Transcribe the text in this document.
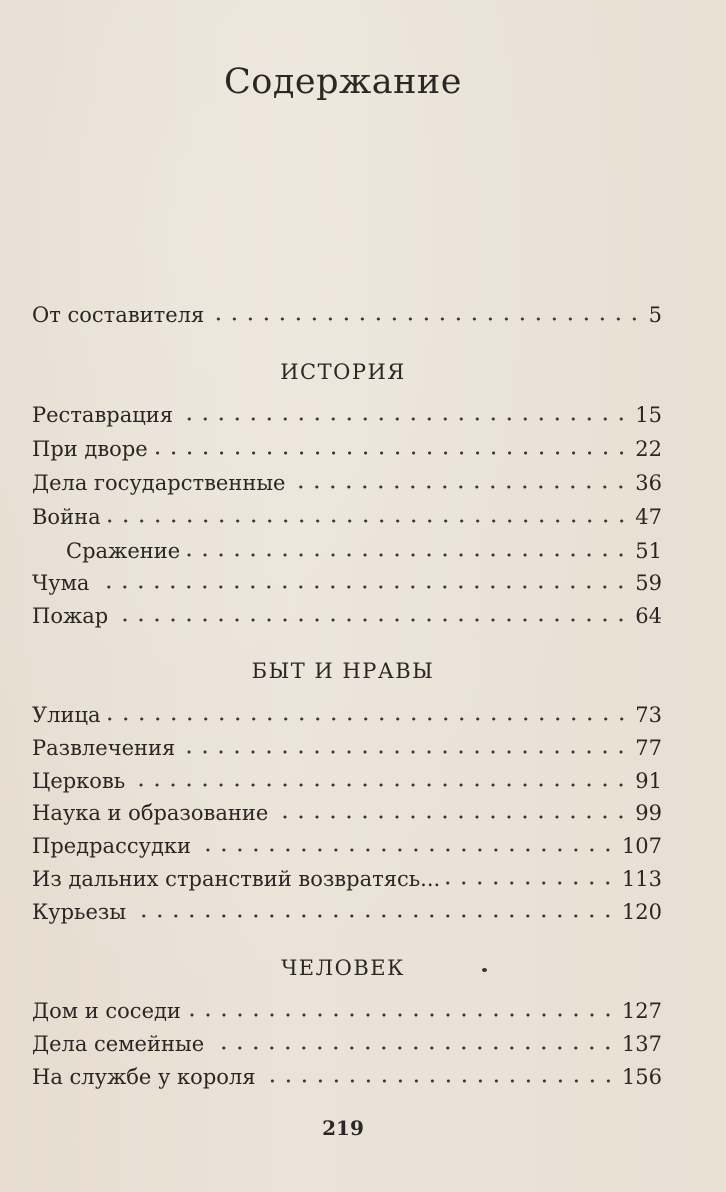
Содержание
От составителя	5
ИСТОРИЯ
Реставрация	15
При дворе	22
Дела государственные	36
Война	47
Сражение	51
Чума	59
Пожар	64
БЫТ И НРАВЫ
Улица	73
Развлечения	77
Церковь	91
Наука и образование	99
Предрассудки	107
Из дальних странствий возвратясь...	113
Курьезы	120
ЧЕЛОВЕК
Дом и соседи	127
Дела семейные	137
На службе у короля	156
219
